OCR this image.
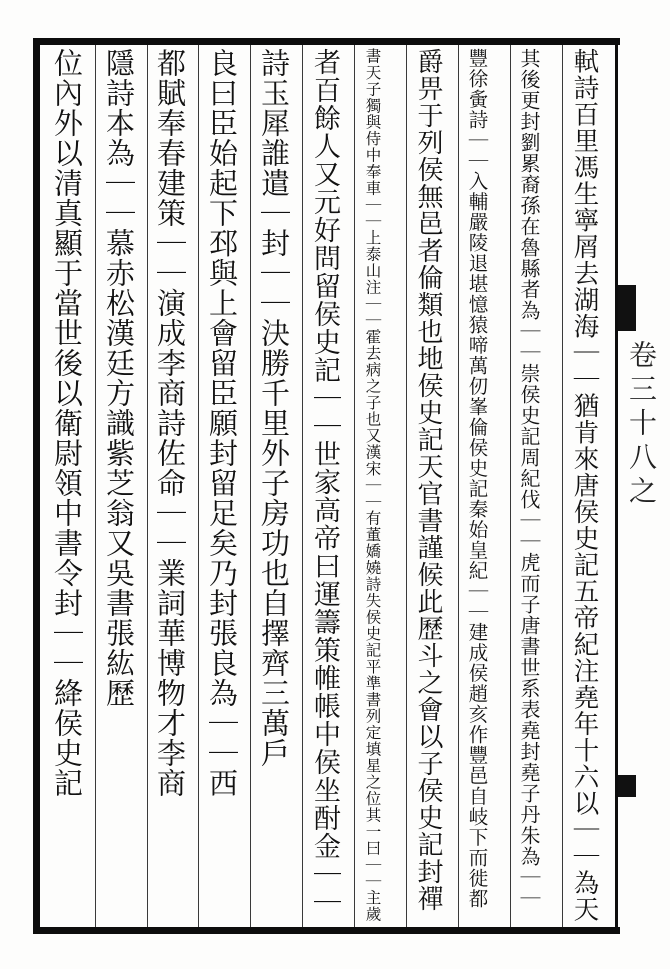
卷三十八之
軾詩百里馮生寧屑去湖海｜｜猶肯來唐侯史記五帝紀注堯年十六以｜｜為天
其後更封劉累裔孫在魯縣者為｜｜崇侯史記周紀伐｜｜虎而子唐書世系表堯封堯子丹朱為｜｜
豐徐夤詩｜｜入輔嚴陵退堪憶猿啼萬仞峯倫侯史記秦始皇紀｜｜建成侯趙亥作豐邑自岐下而徙都
爵畀于列侯無邑者倫類也地侯史記天官書謹候此歷斗之會以子侯史記封禪
書天子獨與侍中奉車｜｜上泰山注｜｜霍去病之子也又漢宋｜｜有董嬌嬈詩失侯史記平準書列定填星之位其一曰｜｜主歲
者百餘人又元好問留侯史記｜｜世家高帝曰運籌策帷帳中侯坐酎金｜｜
詩玉犀誰遣｜封｜｜決勝千里外子房功也自擇齊三萬戶
良曰臣始起下邳與上會留臣願封留足矣乃封張良為｜｜西
都賦奉春建策｜｜演成李商詩佐命｜｜業詞華博物才李商
隱詩本為｜｜慕赤松漢廷方識紫芝翁又吳書張紘歷
位內外以清真顯于當世後以衛尉領中書令封｜｜絳侯史記
